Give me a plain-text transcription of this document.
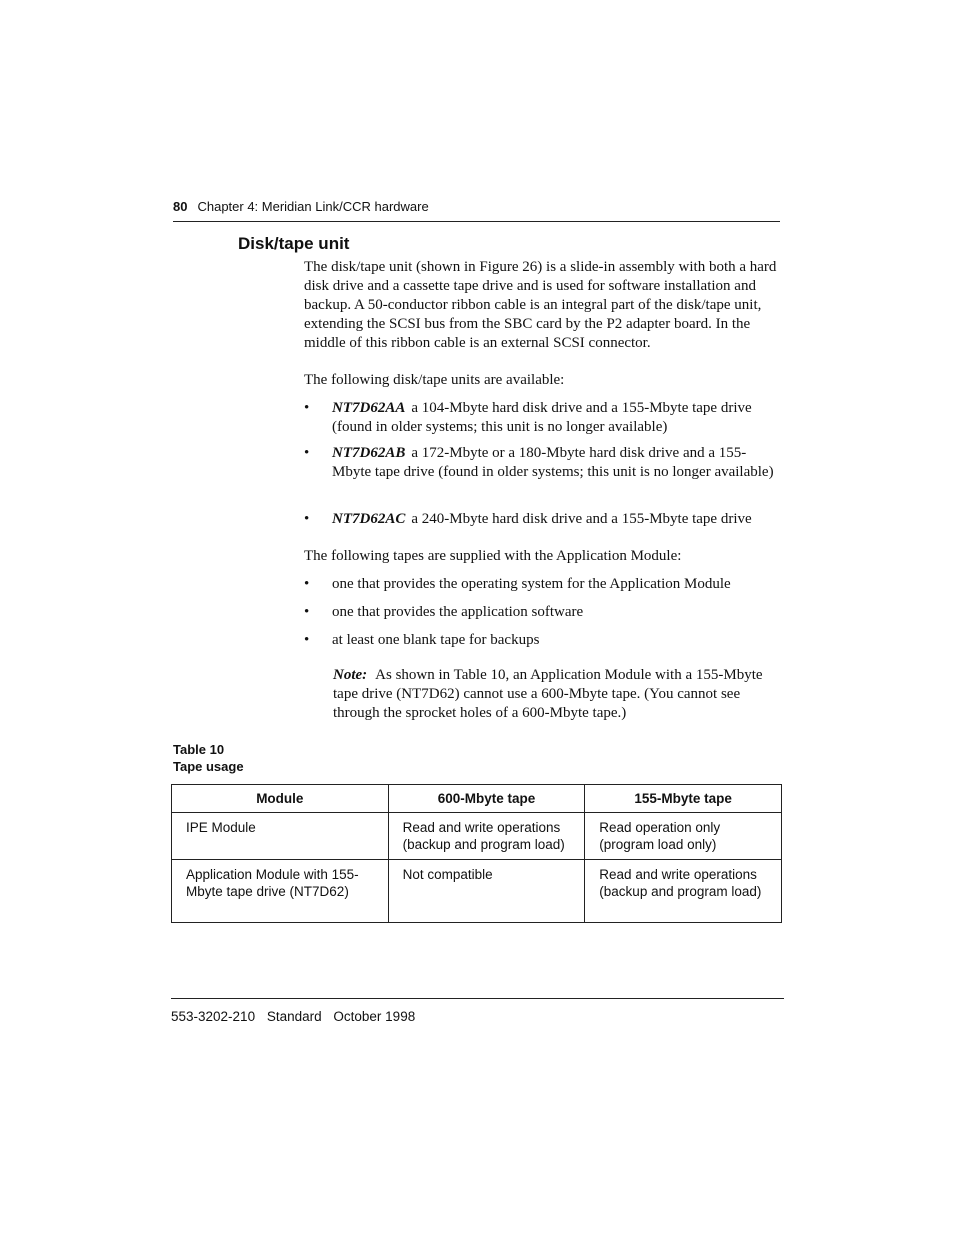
80 Chapter 4: Meridian Link/CCR hardware
Disk/tape unit

The disk/tape unit (shown in Figure 26) is a slide-in assembly with both a hard disk drive and a cassette tape drive and is used for software installation and backup. A 50-conductor ribbon cable is an integral part of the disk/tape unit, extending the SCSI bus from the SBC card by the P2 adapter board. In the middle of this ribbon cable is an external SCSI connector.

The following disk/tape units are available:

• NT7D62AA a 104-Mbyte hard disk drive and a 155-Mbyte tape drive (found in older systems; this unit is no longer available)
• NT7D62AB a 172-Mbyte or a 180-Mbyte hard disk drive and a 155-Mbyte tape drive (found in older systems; this unit is no longer available)
• NT7D62AC a 240-Mbyte hard disk drive and a 155-Mbyte tape drive

The following tapes are supplied with the Application Module:

• one that provides the operating system for the Application Module
• one that provides the application software
• at least one blank tape for backups
Note: As shown in Table 10, an Application Module with a 155-Mbyte tape drive (NT7D62) cannot use a 600-Mbyte tape. (You cannot see through the sprocket holes of a 600-Mbyte tape.)
Table 10
Tape usage
Module	600-Mbyte tape	155-Mbyte tape
IPE Module	Read and write operations (backup and program load)	Read operation only (program load only)
Application Module with 155-Mbyte tape drive (NT7D62)	Not compatible	Read and write operations (backup and program load)
553-3202-210 Standard October 1998
